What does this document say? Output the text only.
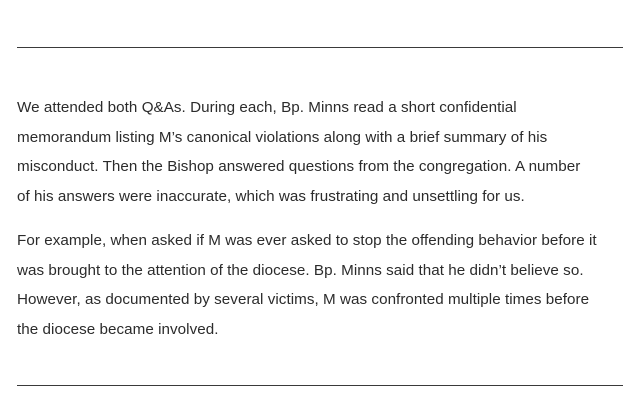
We attended both Q&As. During each, Bp. Minns read a short confidential
memorandum listing M’s canonical violations along with a brief summary of his
misconduct. Then the Bishop answered questions from the congregation. A number
of his answers were inaccurate, which was frustrating and unsettling for us.

For example, when asked if M was ever asked to stop the offending behavior before it
was brought to the attention of the diocese. Bp. Minns said that he didn’t believe so.
However, as documented by several victims, M was confronted multiple times before
the diocese became involved.
